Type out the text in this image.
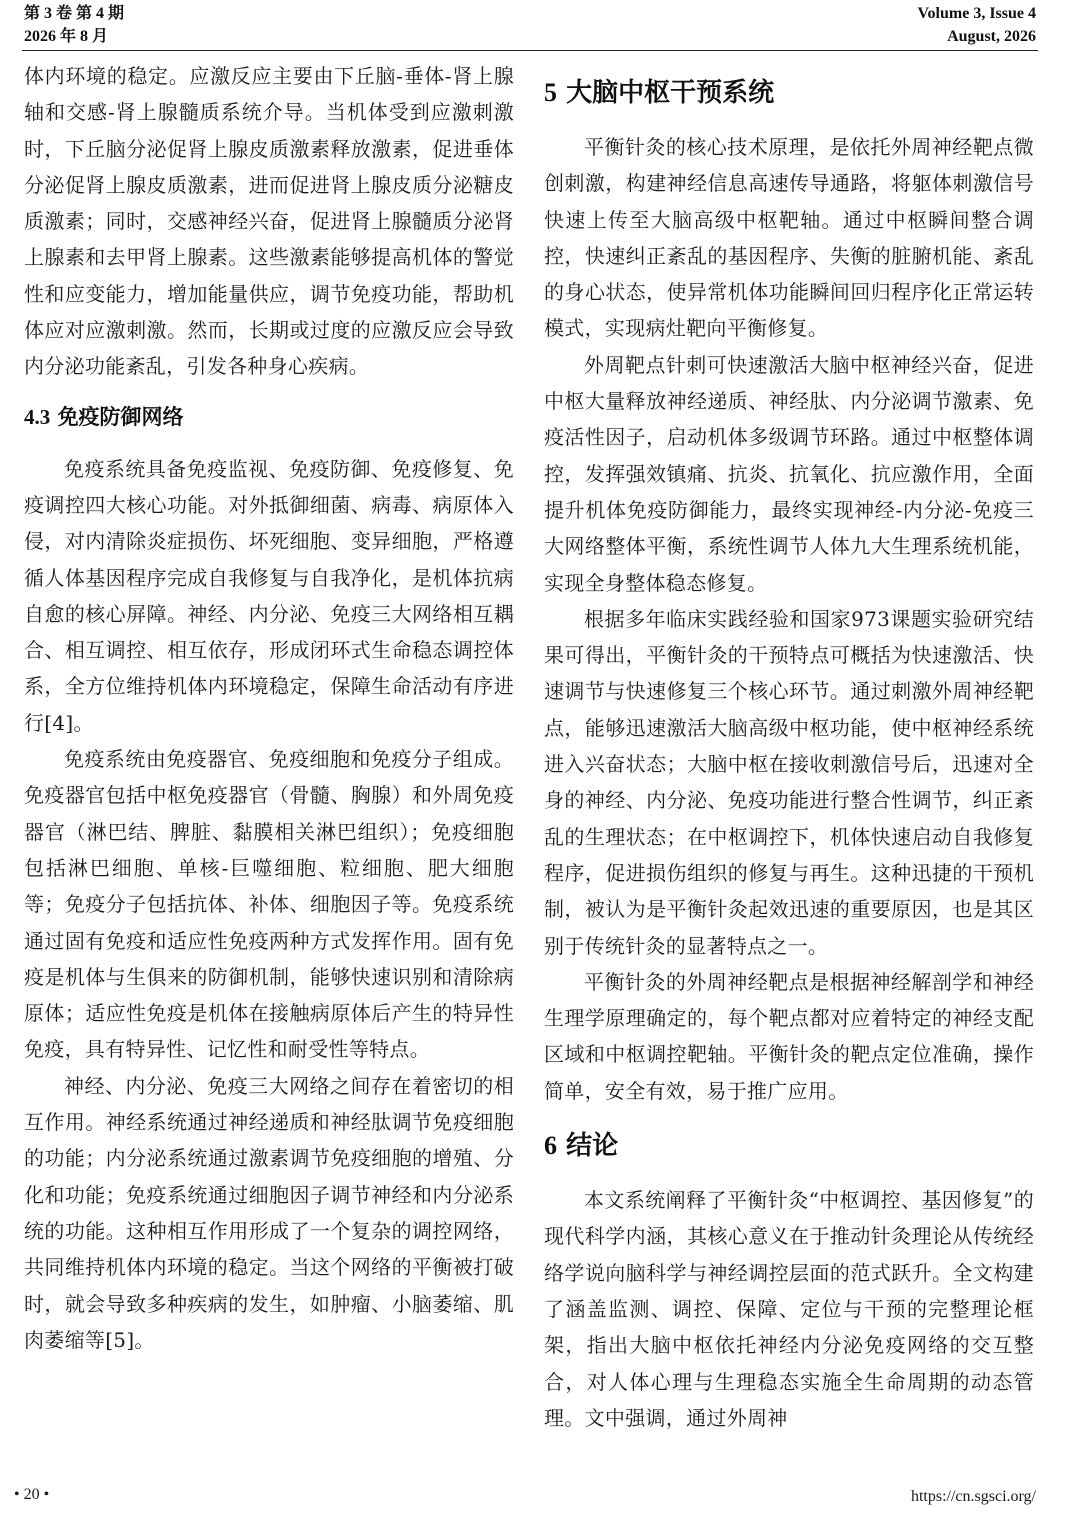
第 3 卷 第 4 期
2026 年 8 月
Volume 3, Issue 4
August, 2026

体内环境的稳定。应激反应主要由下丘脑-垂体-肾上腺轴和交感-肾上腺髓质系统介导。当机体受到应激刺激时，下丘脑分泌促肾上腺皮质激素释放激素，促进垂体分泌促肾上腺皮质激素，进而促进肾上腺皮质分泌糖皮质激素；同时，交感神经兴奋，促进肾上腺髓质分泌肾上腺素和去甲肾上腺素。这些激素能够提高机体的警觉性和应变能力，增加能量供应，调节免疫功能，帮助机体应对应激刺激。然而，长期或过度的应激反应会导致内分泌功能紊乱，引发各种身心疾病。

4.3 免疫防御网络

免疫系统具备免疫监视、免疫防御、免疫修复、免疫调控四大核心功能。对外抵御细菌、病毒、病原体入侵，对内清除炎症损伤、坏死细胞、变异细胞，严格遵循人体基因程序完成自我修复与自我净化，是机体抗病自愈的核心屏障。神经、内分泌、免疫三大网络相互耦合、相互调控、相互依存，形成闭环式生命稳态调控体系，全方位维持机体内环境稳定，保障生命活动有序进行[4]。

免疫系统由免疫器官、免疫细胞和免疫分子组成。免疫器官包括中枢免疫器官（骨髓、胸腺）和外周免疫器官（淋巴结、脾脏、黏膜相关淋巴组织）；免疫细胞包括淋巴细胞、单核-巨噬细胞、粒细胞、肥大细胞等；免疫分子包括抗体、补体、细胞因子等。免疫系统通过固有免疫和适应性免疫两种方式发挥作用。固有免疫是机体与生俱来的防御机制，能够快速识别和清除病原体；适应性免疫是机体在接触病原体后产生的特异性免疫，具有特异性、记忆性和耐受性等特点。

神经、内分泌、免疫三大网络之间存在着密切的相互作用。神经系统通过神经递质和神经肽调节免疫细胞的功能；内分泌系统通过激素调节免疫细胞的增殖、分化和功能；免疫系统通过细胞因子调节神经和内分泌系统的功能。这种相互作用形成了一个复杂的调控网络，共同维持机体内环境的稳定。当这个网络的平衡被打破时，就会导致多种疾病的发生，如肿瘤、小脑萎缩、肌肉萎缩等[5]。

5 大脑中枢干预系统

平衡针灸的核心技术原理，是依托外周神经靶点微创刺激，构建神经信息高速传导通路，将躯体刺激信号快速上传至大脑高级中枢靶轴。通过中枢瞬间整合调控，快速纠正紊乱的基因程序、失衡的脏腑机能、紊乱的身心状态，使异常机体功能瞬间回归程序化正常运转模式，实现病灶靶向平衡修复。

外周靶点针刺可快速激活大脑中枢神经兴奋，促进中枢大量释放神经递质、神经肽、内分泌调节激素、免疫活性因子，启动机体多级调节环路。通过中枢整体调控，发挥强效镇痛、抗炎、抗氧化、抗应激作用，全面提升机体免疫防御能力，最终实现神经-内分泌-免疫三大网络整体平衡，系统性调节人体九大生理系统机能，实现全身整体稳态修复。

根据多年临床实践经验和国家973课题实验研究结果可得出，平衡针灸的干预特点可概括为快速激活、快速调节与快速修复三个核心环节。通过刺激外周神经靶点，能够迅速激活大脑高级中枢功能，使中枢神经系统进入兴奋状态；大脑中枢在接收刺激信号后，迅速对全身的神经、内分泌、免疫功能进行整合性调节，纠正紊乱的生理状态；在中枢调控下，机体快速启动自我修复程序，促进损伤组织的修复与再生。这种迅捷的干预机制，被认为是平衡针灸起效迅速的重要原因，也是其区别于传统针灸的显著特点之一。

平衡针灸的外周神经靶点是根据神经解剖学和神经生理学原理确定的，每个靶点都对应着特定的神经支配区域和中枢调控靶轴。平衡针灸的靶点定位准确，操作简单，安全有效，易于推广应用。

6 结论

本文系统阐释了平衡针灸“中枢调控、基因修复”的现代科学内涵，其核心意义在于推动针灸理论从传统经络学说向脑科学与神经调控层面的范式跃升。全文构建了涵盖监测、调控、保障、定位与干预的完整理论框架，指出大脑中枢依托神经内分泌免疫网络的交互整合，对人体心理与生理稳态实施全生命周期的动态管理。文中强调，通过外周神

• 20 •	https://cn.sgsci.org/
